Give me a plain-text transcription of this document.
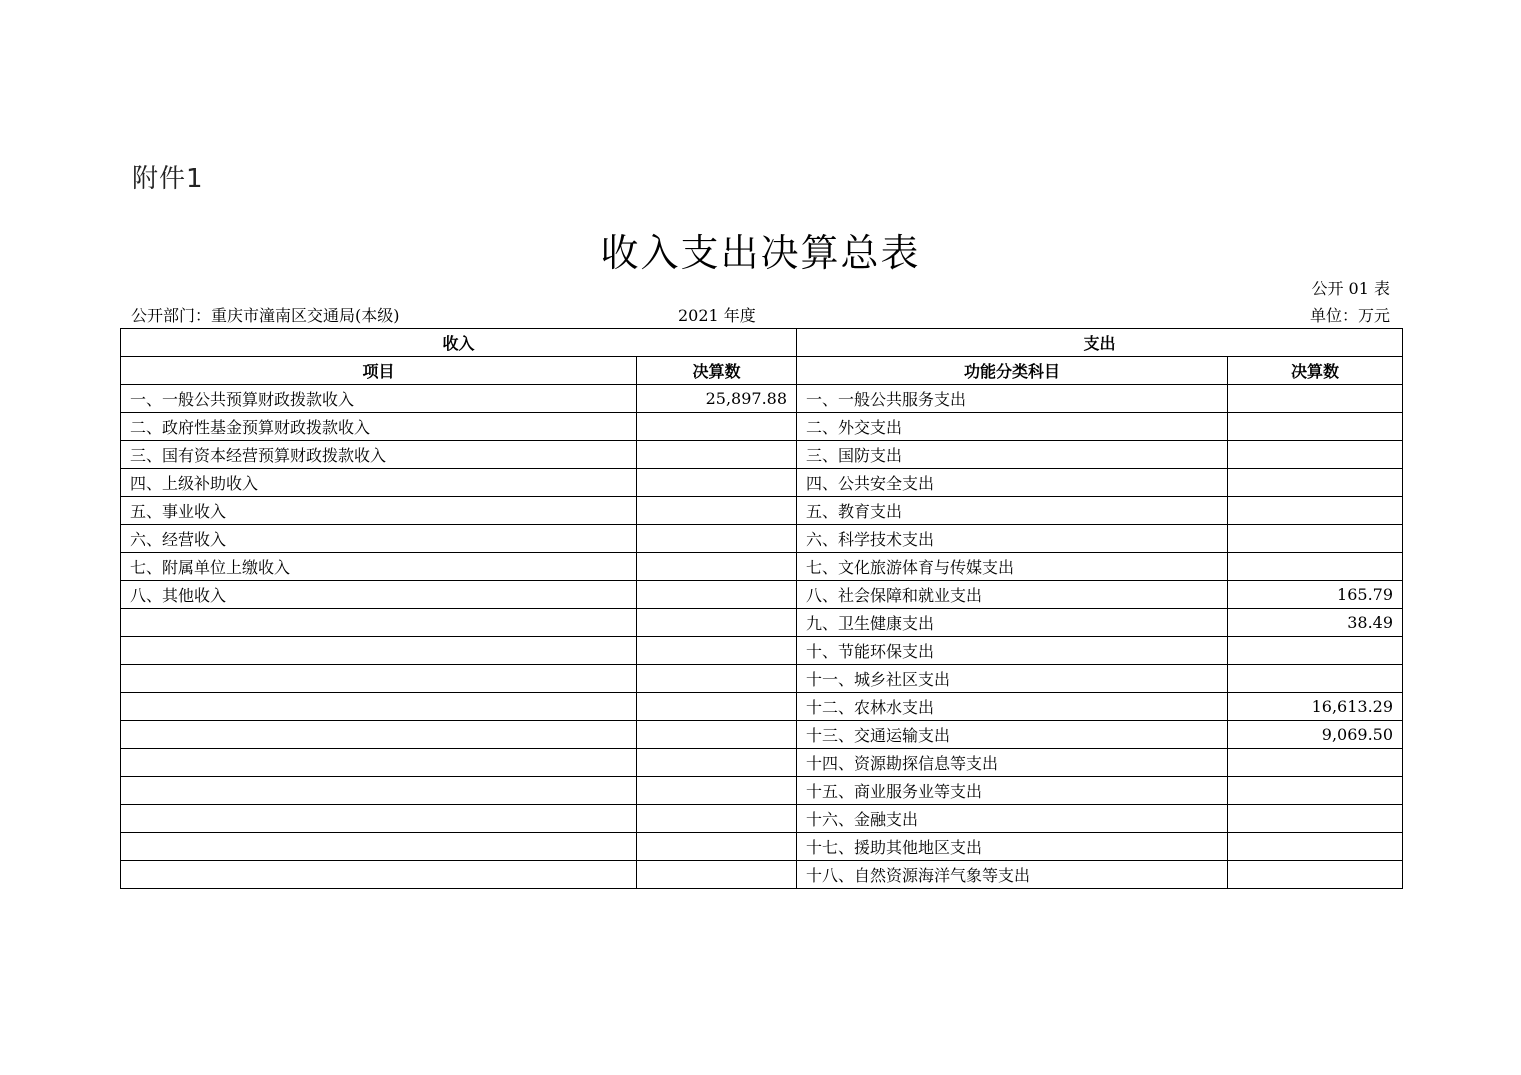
附件1
收入支出决算总表
公开 01 表
公开部门：重庆市潼南区交通局(本级)	2021 年度	单位：万元
收入		支出	
项目	决算数	功能分类科目	决算数
一、一般公共预算财政拨款收入	25,897.88	一、一般公共服务支出	
二、政府性基金预算财政拨款收入		二、外交支出	
三、国有资本经营预算财政拨款收入		三、国防支出	
四、上级补助收入		四、公共安全支出	
五、事业收入		五、教育支出	
六、经营收入		六、科学技术支出	
七、附属单位上缴收入		七、文化旅游体育与传媒支出	
八、其他收入		八、社会保障和就业支出	165.79
		九、卫生健康支出	38.49
		十、节能环保支出	
		十一、城乡社区支出	
		十二、农林水支出	16,613.29
		十三、交通运输支出	9,069.50
		十四、资源勘探信息等支出	
		十五、商业服务业等支出	
		十六、金融支出	
		十七、援助其他地区支出	
		十八、自然资源海洋气象等支出	
